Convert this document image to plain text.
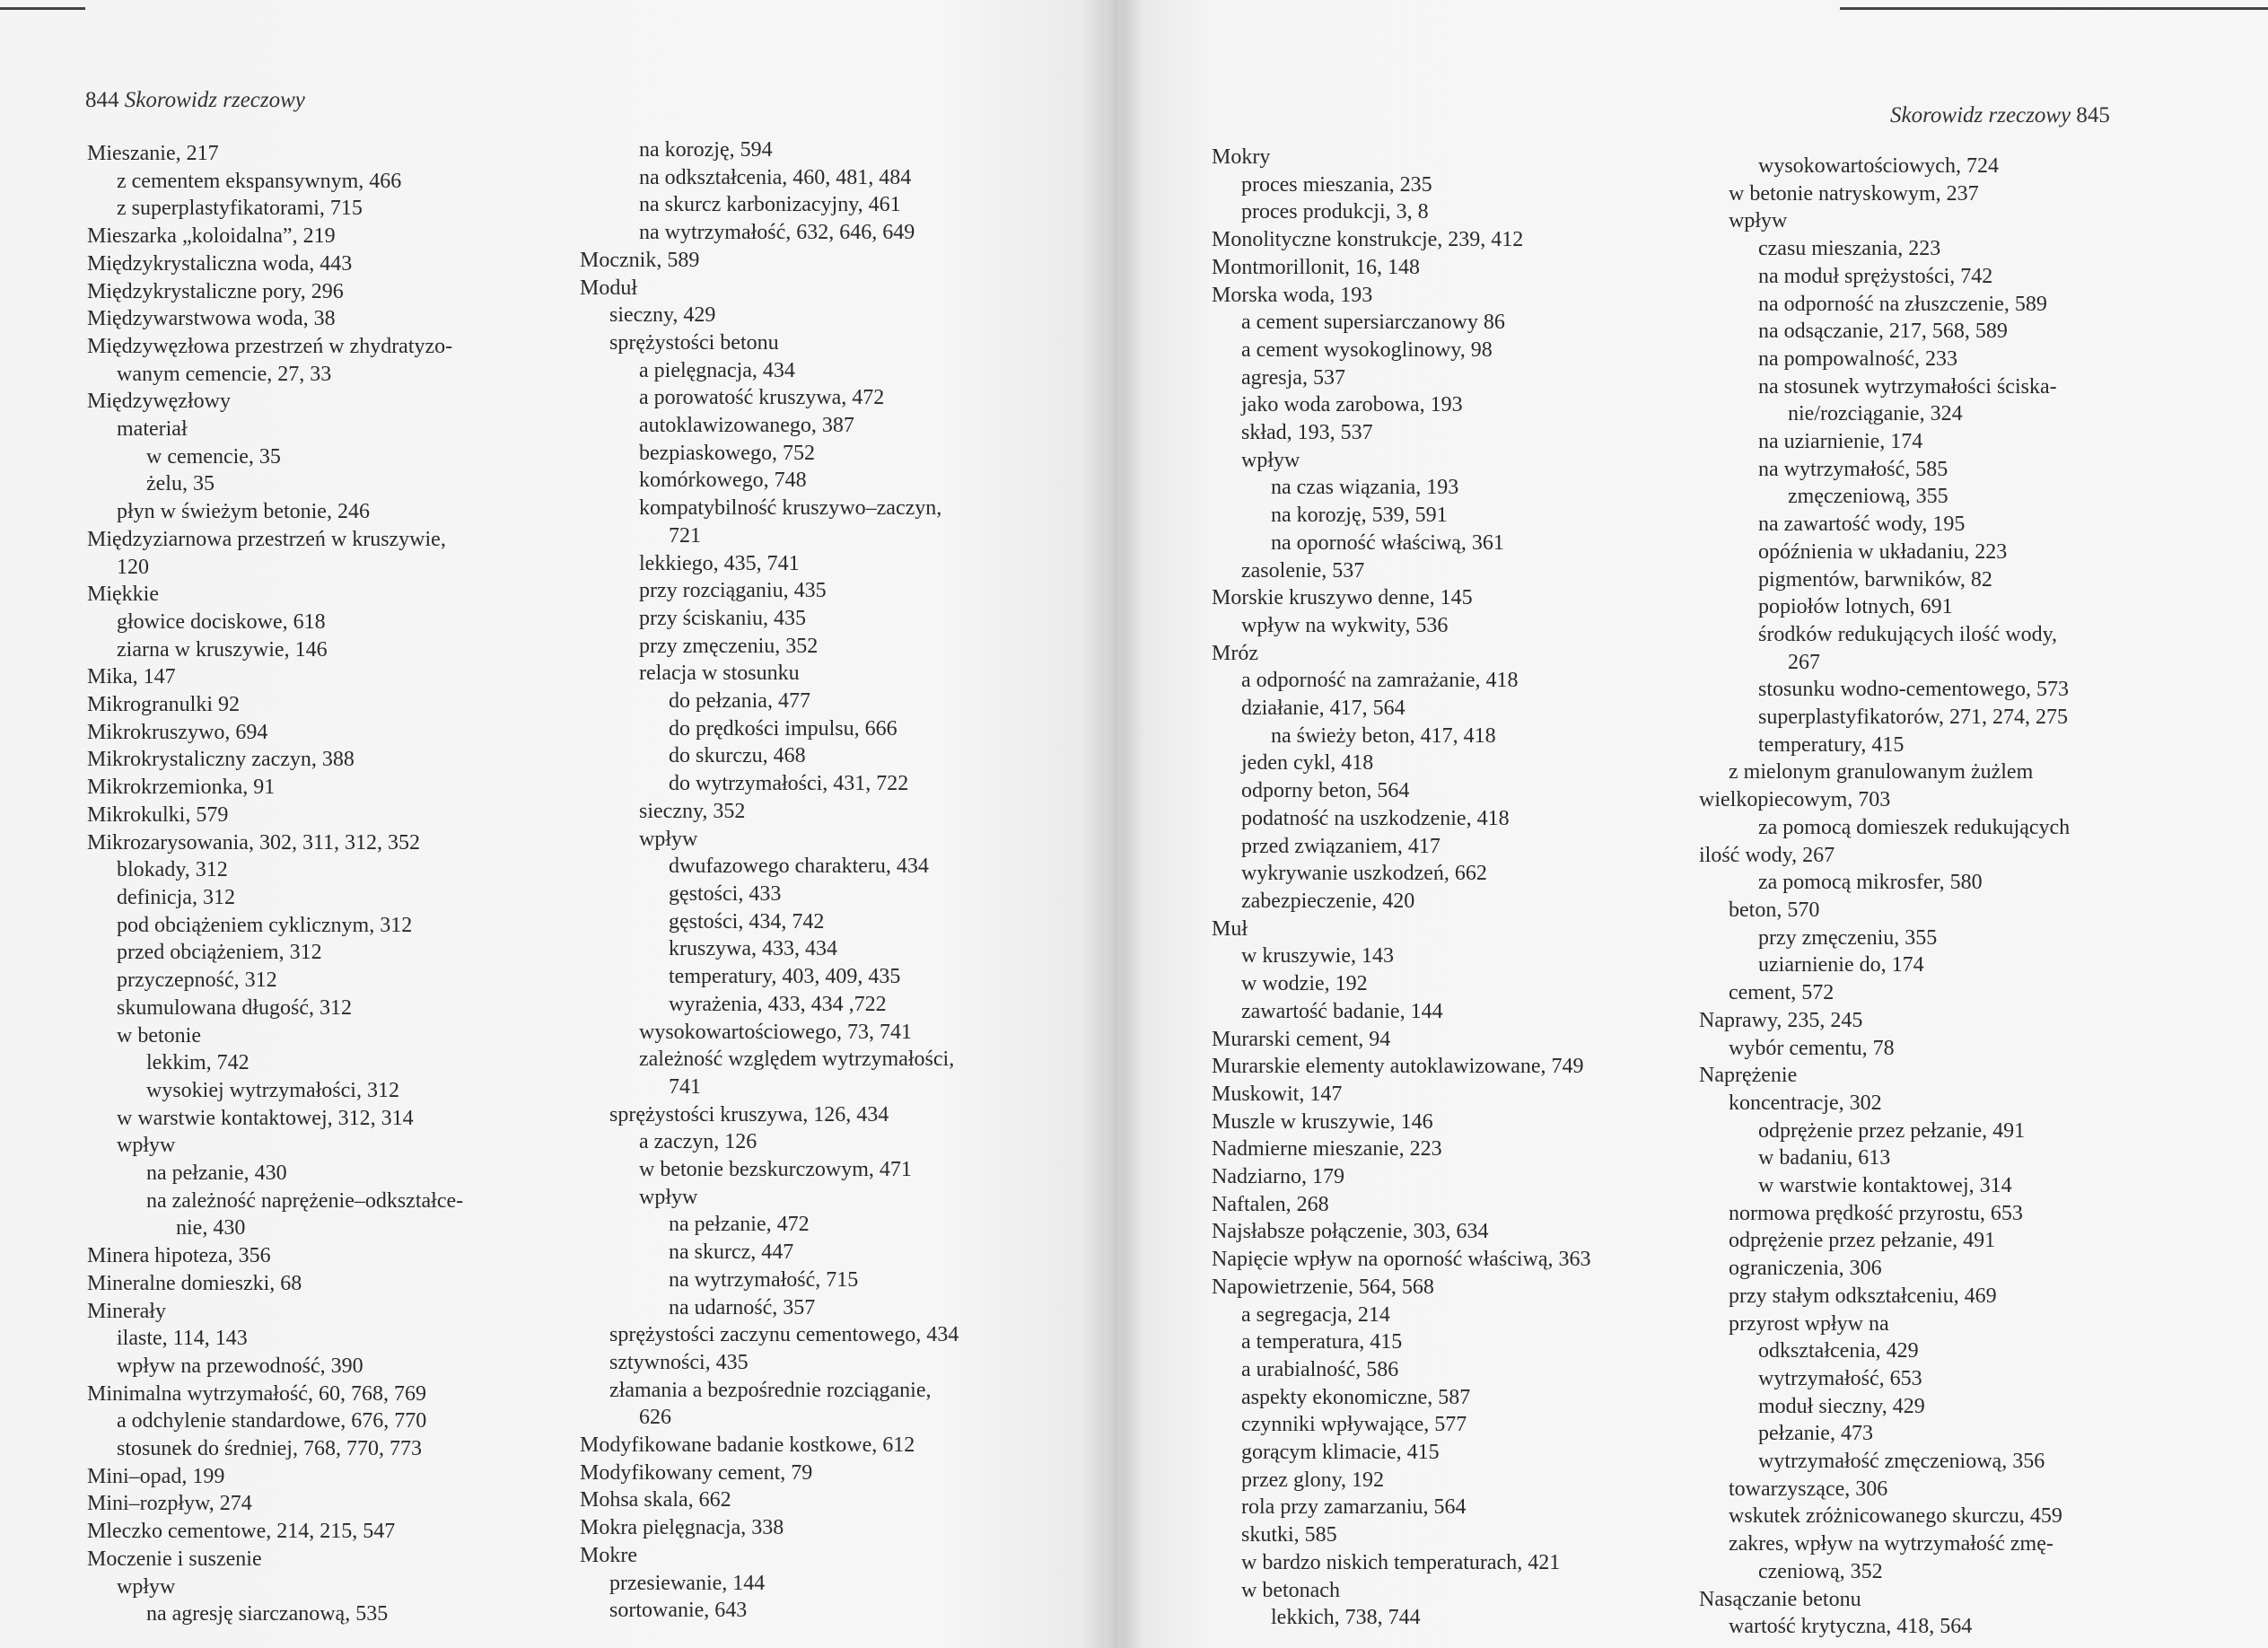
844 Skorowidz rzeczowy
Mieszanie, 217
z cementem ekspansywnym, 466
z superplastyfikatorami, 715
Mieszarka „koloidalna”, 219
Międzykrystaliczna woda, 443
Międzykrystaliczne pory, 296
Międzywarstwowa woda, 38
Międzywęzłowa przestrzeń w zhydratyzo-
wanym cemencie, 27, 33
Międzywęzłowy
materiał
w cemencie, 35
żelu, 35
płyn w świeżym betonie, 246
Międzyziarnowa przestrzeń w kruszywie,
120
Miękkie
głowice dociskowe, 618
ziarna w kruszywie, 146
Mika, 147
Mikrogranulki 92
Mikrokruszywo, 694
Mikrokrystaliczny zaczyn, 388
Mikrokrzemionka, 91
Mikrokulki, 579
Mikrozarysowania, 302, 311, 312, 352
blokady, 312
definicja, 312
pod obciążeniem cyklicznym, 312
przed obciążeniem, 312
przyczepność, 312
skumulowana długość, 312
w betonie
lekkim, 742
wysokiej wytrzymałości, 312
w warstwie kontaktowej, 312, 314
wpływ
na pełzanie, 430
na zależność naprężenie–odkształce-
nie, 430
Minera hipoteza, 356
Mineralne domieszki, 68
Minerały
ilaste, 114, 143
wpływ na przewodność, 390
Minimalna wytrzymałość, 60, 768, 769
a odchylenie standardowe, 676, 770
stosunek do średniej, 768, 770, 773
Mini–opad, 199
Mini–rozpływ, 274
Mleczko cementowe, 214, 215, 547
Moczenie i suszenie
wpływ
na agresję siarczanową, 535
na korozję, 594
na odkształcenia, 460, 481, 484
na skurcz karbonizacyjny, 461
na wytrzymałość, 632, 646, 649
Mocznik, 589
Moduł
sieczny, 429
sprężystości betonu
a pielęgnacja, 434
a porowatość kruszywa, 472
autoklawizowanego, 387
bezpiaskowego, 752
komórkowego, 748
kompatybilność kruszywo–zaczyn,
721
lekkiego, 435, 741
przy rozciąganiu, 435
przy ściskaniu, 435
przy zmęczeniu, 352
relacja w stosunku
do pełzania, 477
do prędkości impulsu, 666
do skurczu, 468
do wytrzymałości, 431, 722
sieczny, 352
wpływ
dwufazowego charakteru, 434
gęstości, 433
gęstości, 434, 742
kruszywa, 433, 434
temperatury, 403, 409, 435
wyrażenia, 433, 434 ,722
wysokowartościowego, 73, 741
zależność względem wytrzymałości,
741
sprężystości kruszywa, 126, 434
a zaczyn, 126
w betonie bezskurczowym, 471
wpływ
na pełzanie, 472
na skurcz, 447
na wytrzymałość, 715
na udarność, 357
sprężystości zaczynu cementowego, 434
sztywności, 435
złamania a bezpośrednie rozciąganie,
626
Modyfikowane badanie kostkowe, 612
Modyfikowany cement, 79
Mohsa skala, 662
Mokra pielęgnacja, 338
Mokre
przesiewanie, 144
sortowanie, 643
Skorowidz rzeczowy 845
Mokry
proces mieszania, 235
proces produkcji, 3, 8
Monolityczne konstrukcje, 239, 412
Montmorillonit, 16, 148
Morska woda, 193
a cement supersiarczanowy 86
a cement wysokoglinowy, 98
agresja, 537
jako woda zarobowa, 193
skład, 193, 537
wpływ
na czas wiązania, 193
na korozję, 539, 591
na oporność właściwą, 361
zasolenie, 537
Morskie kruszywo denne, 145
wpływ na wykwity, 536
Mróz
a odporność na zamrażanie, 418
działanie, 417, 564
na świeży beton, 417, 418
jeden cykl, 418
odporny beton, 564
podatność na uszkodzenie, 418
przed związaniem, 417
wykrywanie uszkodzeń, 662
zabezpieczenie, 420
Muł
w kruszywie, 143
w wodzie, 192
zawartość badanie, 144
Murarski cement, 94
Murarskie elementy autoklawizowane, 749
Muskowit, 147
Muszle w kruszywie, 146
Nadmierne mieszanie, 223
Nadziarno, 179
Naftalen, 268
Najsłabsze połączenie, 303, 634
Napięcie wpływ na oporność właściwą, 363
Napowietrzenie, 564, 568
a segregacja, 214
a temperatura, 415
a urabialność, 586
aspekty ekonomiczne, 587
czynniki wpływające, 577
gorącym klimacie, 415
przez glony, 192
rola przy zamarzaniu, 564
skutki, 585
w bardzo niskich temperaturach, 421
w betonach
lekkich, 738, 744
wysokowartościowych, 724
w betonie natryskowym, 237
wpływ
czasu mieszania, 223
na moduł sprężystości, 742
na odporność na złuszczenie, 589
na odsączanie, 217, 568, 589
na pompowalność, 233
na stosunek wytrzymałości ściska-
nie/rozciąganie, 324
na uziarnienie, 174
na wytrzymałość, 585
zmęczeniową, 355
na zawartość wody, 195
opóźnienia w układaniu, 223
pigmentów, barwników, 82
popiołów lotnych, 691
środków redukujących ilość wody,
267
stosunku wodno-cementowego, 573
superplastyfikatorów, 271, 274, 275
temperatury, 415
z mielonym granulowanym żużlem
wielkopiecowym, 703
za pomocą domieszek redukujących
ilość wody, 267
za pomocą mikrosfer, 580
beton, 570
przy zmęczeniu, 355
uziarnienie do, 174
cement, 572
Naprawy, 235, 245
wybór cementu, 78
Naprężenie
koncentracje, 302
odprężenie przez pełzanie, 491
w badaniu, 613
w warstwie kontaktowej, 314
normowa prędkość przyrostu, 653
odprężenie przez pełzanie, 491
ograniczenia, 306
przy stałym odkształceniu, 469
przyrost wpływ na
odkształcenia, 429
wytrzymałość, 653
moduł sieczny, 429
pełzanie, 473
wytrzymałość zmęczeniową, 356
towarzyszące, 306
wskutek zróżnicowanego skurczu, 459
zakres, wpływ na wytrzymałość zmę-
czeniową, 352
Nasączanie betonu
wartość krytyczna, 418, 564
